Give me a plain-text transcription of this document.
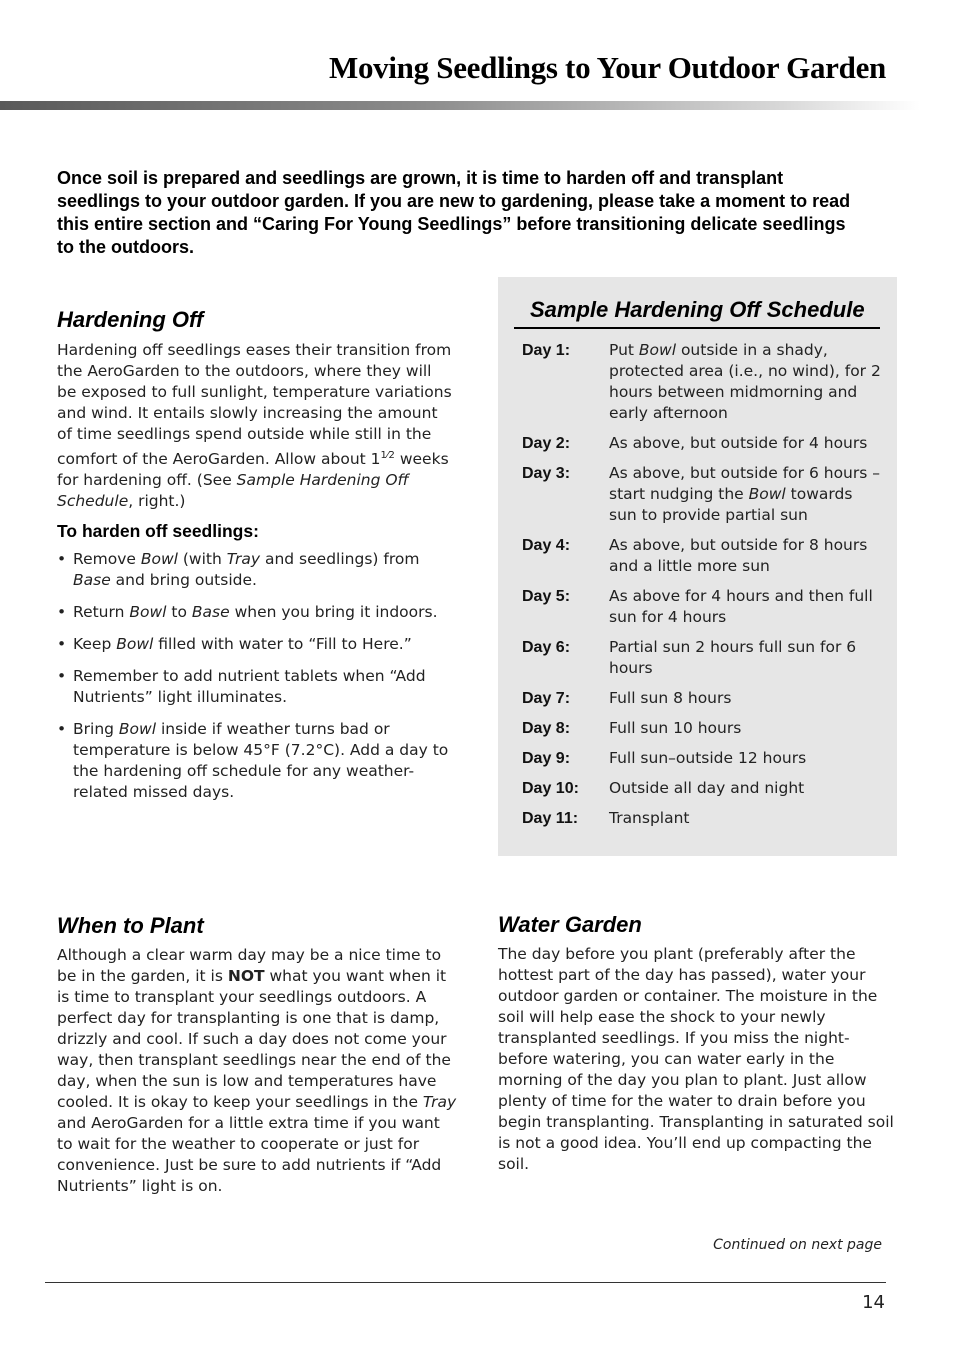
Moving Seedlings to Your Outdoor Garden

Once soil is prepared and seedlings are grown, it is time to harden off and transplant seedlings to your outdoor garden. If you are new to gardening, please take a moment to read this entire section and “Caring For Young Seedlings” before transitioning delicate seedlings to the outdoors.

Hardening Off

Hardening off seedlings eases their transition from the AeroGarden to the outdoors, where they will be exposed to full sunlight, temperature variations and wind. It entails slowly increasing the amount of time seedlings spend outside while still in the comfort of the AeroGarden. Allow about $1^{1⁄2}$ weeks for hardening off. (See Sample Hardening Off Schedule, right.)

To harden off seedlings:
• Remove Bowl (with Tray and seedlings) from Base and bring outside.
• Return Bowl to Base when you bring it indoors.
• Keep Bowl filled with water to “Fill to Here.”
• Remember to add nutrient tablets when “Add Nutrients” light illuminates.
• Bring Bowl inside if weather turns bad or temperature is below 45°F (7.2°C). Add a day to the hardening off schedule for any weather-related missed days.
Sample Hardening Off Schedule
Day 1:	Put Bowl outside in a shady, protected area (i.e., no wind), for 2 hours between midmorning and early afternoon
Day 2:	As above, but outside for 4 hours
Day 3:	As above, but outside for 6 hours – start nudging the Bowl towards sun to provide partial sun
Day 4:	As above, but outside for 8 hours and a little more sun
Day 5:	As above for 4 hours and then full sun for 4 hours
Day 6:	Partial sun 2 hours full sun for 6 hours
Day 7:	Full sun 8 hours
Day 8:	Full sun 10 hours
Day 9:	Full sun–outside 12 hours
Day 10:	Outside all day and night
Day 11:	Transplant
When to Plant

Although a clear warm day may be a nice time to be in the garden, it is NOT what you want when it is time to transplant your seedlings outdoors. A perfect day for transplanting is one that is damp, drizzly and cool. If such a day does not come your way, then transplant seedlings near the end of the day, when the sun is low and temperatures have cooled. It is okay to keep your seedlings in the Tray and AeroGarden for a little extra time if you want to wait for the weather to cooperate or just for convenience. Just be sure to add nutrients if “Add Nutrients” light is on.

Water Garden

The day before you plant (preferably after the hottest part of the day has passed), water your outdoor garden or container. The moisture in the soil will help ease the shock to your newly transplanted seedlings. If you miss the night-before watering, you can water early in the morning of the day you plan to plant. Just allow plenty of time for the water to drain before you begin transplanting. Transplanting in saturated soil is not a good idea. You’ll end up compacting the soil.

Continued on next page
14
